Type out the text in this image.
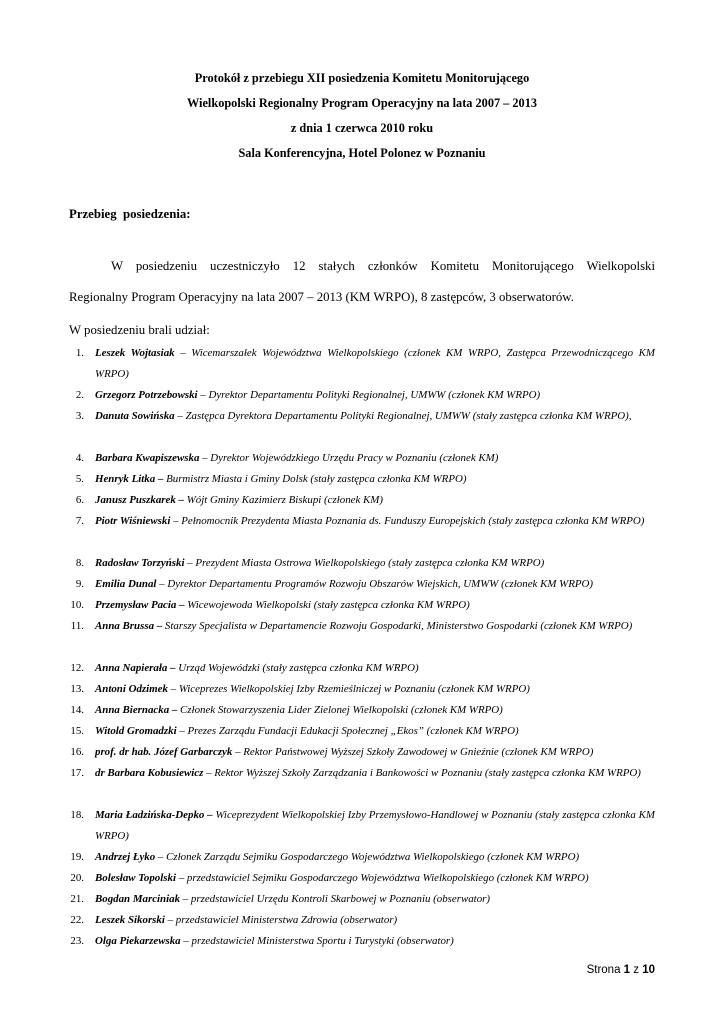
Protokół z przebiegu XII posiedzenia Komitetu Monitorującego
Wielkopolski Regionalny Program Operacyjny na lata 2007 – 2013
z dnia 1 czerwca 2010 roku
Sala Konferencyjna, Hotel Polonez w Poznaniu
Przebieg  posiedzenia:
W posiedzeniu uczestniczyło 12 stałych członków Komitetu Monitorującego Wielkopolski
Regionalny Program Operacyjny na lata 2007 – 2013 (KM WRPO), 8 zastępców, 3 obserwatorów.
W posiedzeniu brali udział:
1. Leszek Wojtasiak – Wicemarszałek Województwa Wielkopolskiego (członek KM WRPO, Zastępca Przewodniczącego KM WRPO)
2. Grzegorz Potrzebowski – Dyrektor Departamentu Polityki Regionalnej, UMWW (członek KM WRPO)
3. Danuta Sowińska – Zastępca Dyrektora Departamentu Polityki Regionalnej, UMWW (stały zastępca członka KM WRPO),
4. Barbara Kwapiszewska – Dyrektor Wojewódzkiego Urzędu Pracy w Poznaniu (członek KM)
5. Henryk Litka – Burmistrz Miasta i Gminy Dolsk (stały zastępca członka KM WRPO)
6. Janusz Puszkarek – Wójt Gminy Kazimierz Biskupi (członek KM)
7. Piotr Wiśniewski – Pełnomocnik Prezydenta Miasta Poznania ds. Funduszy Europejskich (stały zastępca członka KM WRPO)
8. Radosław Torzyński – Prezydent Miasta Ostrowa Wielkopolskiego (stały zastępca członka KM WRPO)
9. Emilia Dunal – Dyrektor Departamentu Programów Rozwoju Obszarów Wiejskich, UMWW (członek KM WRPO)
10. Przemysław Pacia – Wicewojewoda Wielkopolski (stały zastępca członka KM WRPO)
11. Anna Brussa – Starszy Specjalista w Departamencie Rozwoju Gospodarki, Ministerstwo Gospodarki (członek KM WRPO)
12. Anna Napierała – Urząd Wojewódzki (stały zastępca członka KM WRPO)
13. Antoni Odzimek – Wiceprezes Wielkopolskiej Izby Rzemieślniczej w Poznaniu (członek KM WRPO)
14. Anna Biernacka – Członek Stowarzyszenia Lider Zielonej Wielkopolski (członek KM WRPO)
15. Witold Gromadzki – Prezes Zarządu Fundacji Edukacji Społecznej „Ekos” (członek KM WRPO)
16. prof. dr hab. Józef Garbarczyk – Rektor Państwowej Wyższej Szkoły Zawodowej w Gnieźnie (członek KM WRPO)
17. dr Barbara Kobusiewicz – Rektor Wyższej Szkoły Zarządzania i Bankowości w Poznaniu (stały zastępca członka KM WRPO)
18. Maria Ładzińska-Depko – Wiceprezydent Wielkopolskiej Izby Przemysłowo-Handlowej w Poznaniu (stały zastępca członka KM WRPO)
19. Andrzej Łyko – Członek Zarządu Sejmiku Gospodarczego Województwa Wielkopolskiego (członek KM WRPO)
20. Bolesław Topolski – przedstawiciel Sejmiku Gospodarczego Województwa Wielkopolskiego (członek KM WRPO)
21. Bogdan Marciniak – przedstawiciel Urzędu Kontroli Skarbowej w Poznaniu (obserwator)
22. Leszek Sikorski – przedstawiciel Ministerstwa Zdrowia (obserwator)
23. Olga Piekarzewska – przedstawiciel Ministerstwa Sportu i Turystyki (obserwator)
Strona 1 z 10
